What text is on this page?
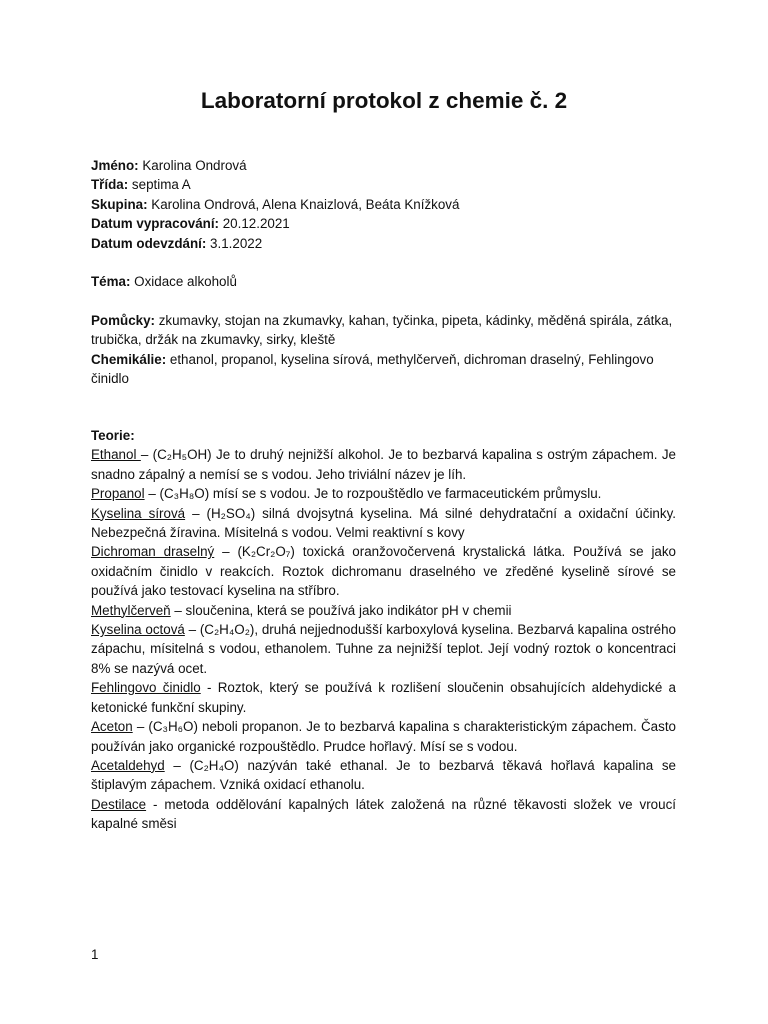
Laboratorní protokol z chemie č. 2
Jméno: Karolina Ondrová
Třída: septima A
Skupina: Karolina Ondrová, Alena Knaizlová, Beáta Knížková
Datum vypracování: 20.12.2021
Datum odevzdání: 3.1.2022
Téma: Oxidace alkoholů
Pomůcky: zkumavky, stojan na zkumavky, kahan, tyčinka, pipeta, kádinky, měděná spirála, zátka, trubička, držák na zkumavky, sirky, kleště
Chemikálie: ethanol, propanol, kyselina sírová, methylčerveň, dichroman draselný, Fehlingovo činidlo
Teorie:
Ethanol – (C₂H₅OH) Je to druhý nejnižší alkohol. Je to bezbarvá kapalina s ostrým zápachem. Je snadno zápalný a nemísí se s vodou. Jeho triviální název je líh.
Propanol – (C₃H₈O) mísí se s vodou. Je to rozpouštědlo ve farmaceutickém průmyslu.
Kyselina sírová – (H₂SO₄) silná dvojsytná kyselina. Má silné dehydratační a oxidační účinky. Nebezpečná žíravina. Mísitelná s vodou. Velmi reaktivní s kovy
Dichroman draselný – (K₂Cr₂O₇) toxická oranžovočervená krystalická látka. Používá se jako oxidačním činidlo v reakcích. Roztok dichromanu draselného ve zředěné kyselině sírové se používá jako testovací kyselina na stříbro.
Methylčerveň – sloučenina, která se používá jako indikátor pH v chemii
Kyselina octová – (C₂H₄O₂), druhá nejjednodušší karboxylová kyselina. Bezbarvá kapalina ostrého zápachu, mísitelná s vodou, ethanolem. Tuhne za nejnižší teplot. Její vodný roztok o koncentraci 8% se nazývá ocet.
Fehlingovo činidlo - Roztok, který se používá k rozlišení sloučenin obsahujících aldehydické a ketonické funkční skupiny.
Aceton – (C₃H₆O) neboli propanon. Je to bezbarvá kapalina s charakteristickým zápachem. Často používán jako organické rozpouštědlo. Prudce hořlavý. Mísí se s vodou.
Acetaldehyd – (C₂H₄O) nazýván také ethanal. Je to bezbarvá těkavá hořlavá kapalina se štiplavým zápachem. Vzniká oxidací ethanolu.
Destilace - metoda oddělování kapalných látek založená na různé těkavosti složek ve vroucí kapalné směsi
1
